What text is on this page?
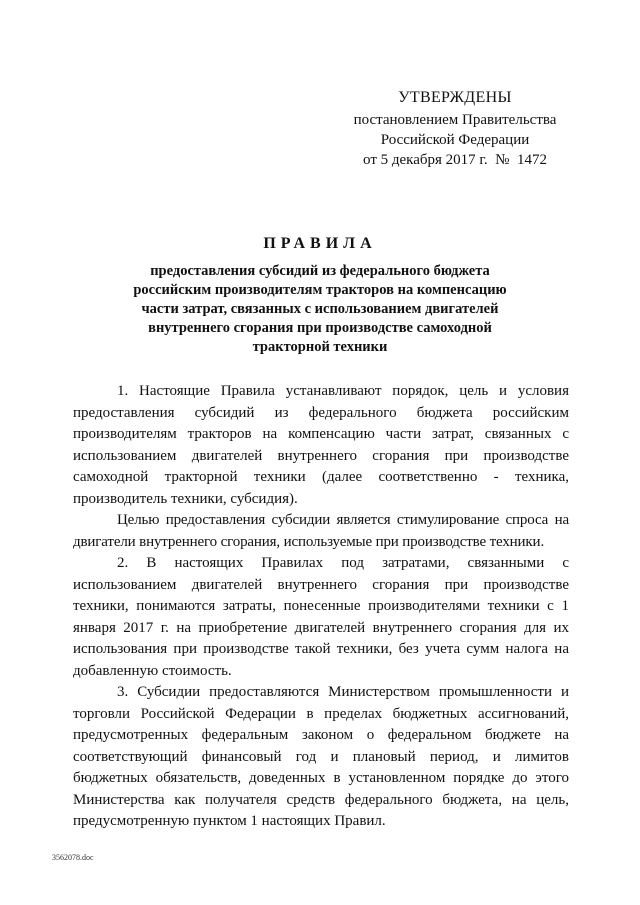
УТВЕРЖДЕНЫ
постановлением Правительства
Российской Федерации
от 5 декабря 2017 г.  №  1472
ПРАВИЛА
предоставления субсидий из федерального бюджета
российским производителям тракторов на компенсацию
части затрат, связанных с использованием двигателей
внутреннего сгорания при производстве самоходной
тракторной техники

1. Настоящие Правила устанавливают порядок, цель и условия предоставления субсидий из федерального бюджета российским производителям тракторов на компенсацию части затрат, связанных с использованием двигателей внутреннего сгорания при производстве самоходной тракторной техники (далее соответственно - техника, производитель техники, субсидия).

Целью предоставления субсидии является стимулирование спроса на двигатели внутреннего сгорания, используемые при производстве техники.

2. В настоящих Правилах под затратами, связанными с использованием двигателей внутреннего сгорания при производстве техники, понимаются затраты, понесенные производителями техники с 1 января 2017 г. на приобретение двигателей внутреннего сгорания для их использования при производстве такой техники, без учета сумм налога на добавленную стоимость.

3. Субсидии предоставляются Министерством промышленности и торговли Российской Федерации в пределах бюджетных ассигнований, предусмотренных федеральным законом о федеральном бюджете на соответствующий финансовый год и плановый период, и лимитов бюджетных обязательств, доведенных в установленном порядке до этого Министерства как получателя средств федерального бюджета, на цель, предусмотренную пунктом 1 настоящих Правил.

3562078.doc
